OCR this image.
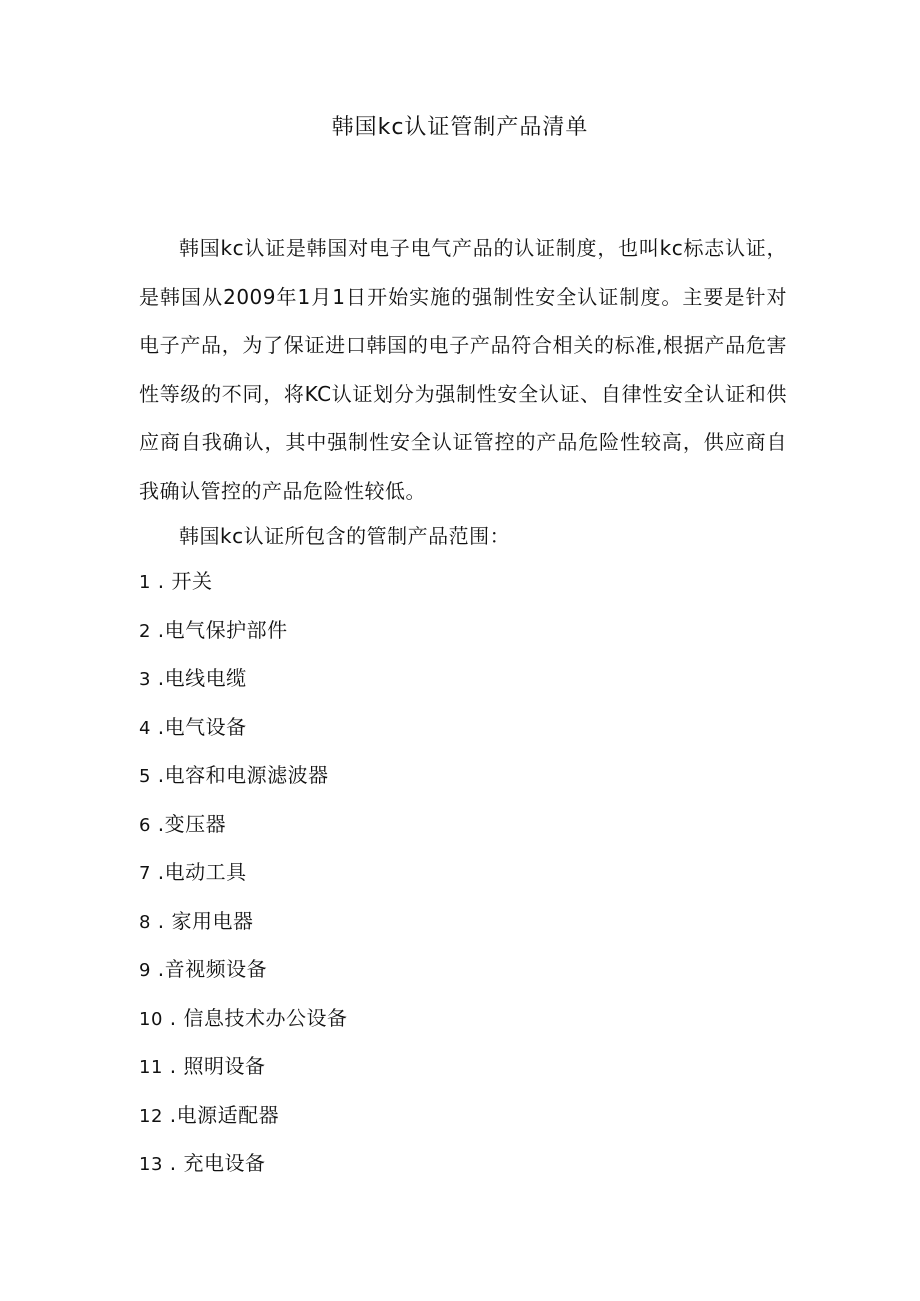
韩国kc认证管制产品清单

韩国kc认证是韩国对电子电气产品的认证制度，也叫kc标志认证，是韩国从2009年1月1日开始实施的强制性安全认证制度。主要是针对电子产品，为了保证进口韩国的电子产品符合相关的标准,根据产品危害性等级的不同，将KC认证划分为强制性安全认证、自律性安全认证和供应商自我确认，其中强制性安全认证管控的产品危险性较高，供应商自我确认管控的产品危险性较低。

韩国kc认证所包含的管制产品范围：

1 . 开关
2 .电气保护部件
3 .电线电缆
4 .电气设备
5 .电容和电源滤波器
6 .变压器
7 .电动工具
8 . 家用电器
9 .音视频设备
10 . 信息技术办公设备
11 . 照明设备
12 .电源适配器
13 . 充电设备
